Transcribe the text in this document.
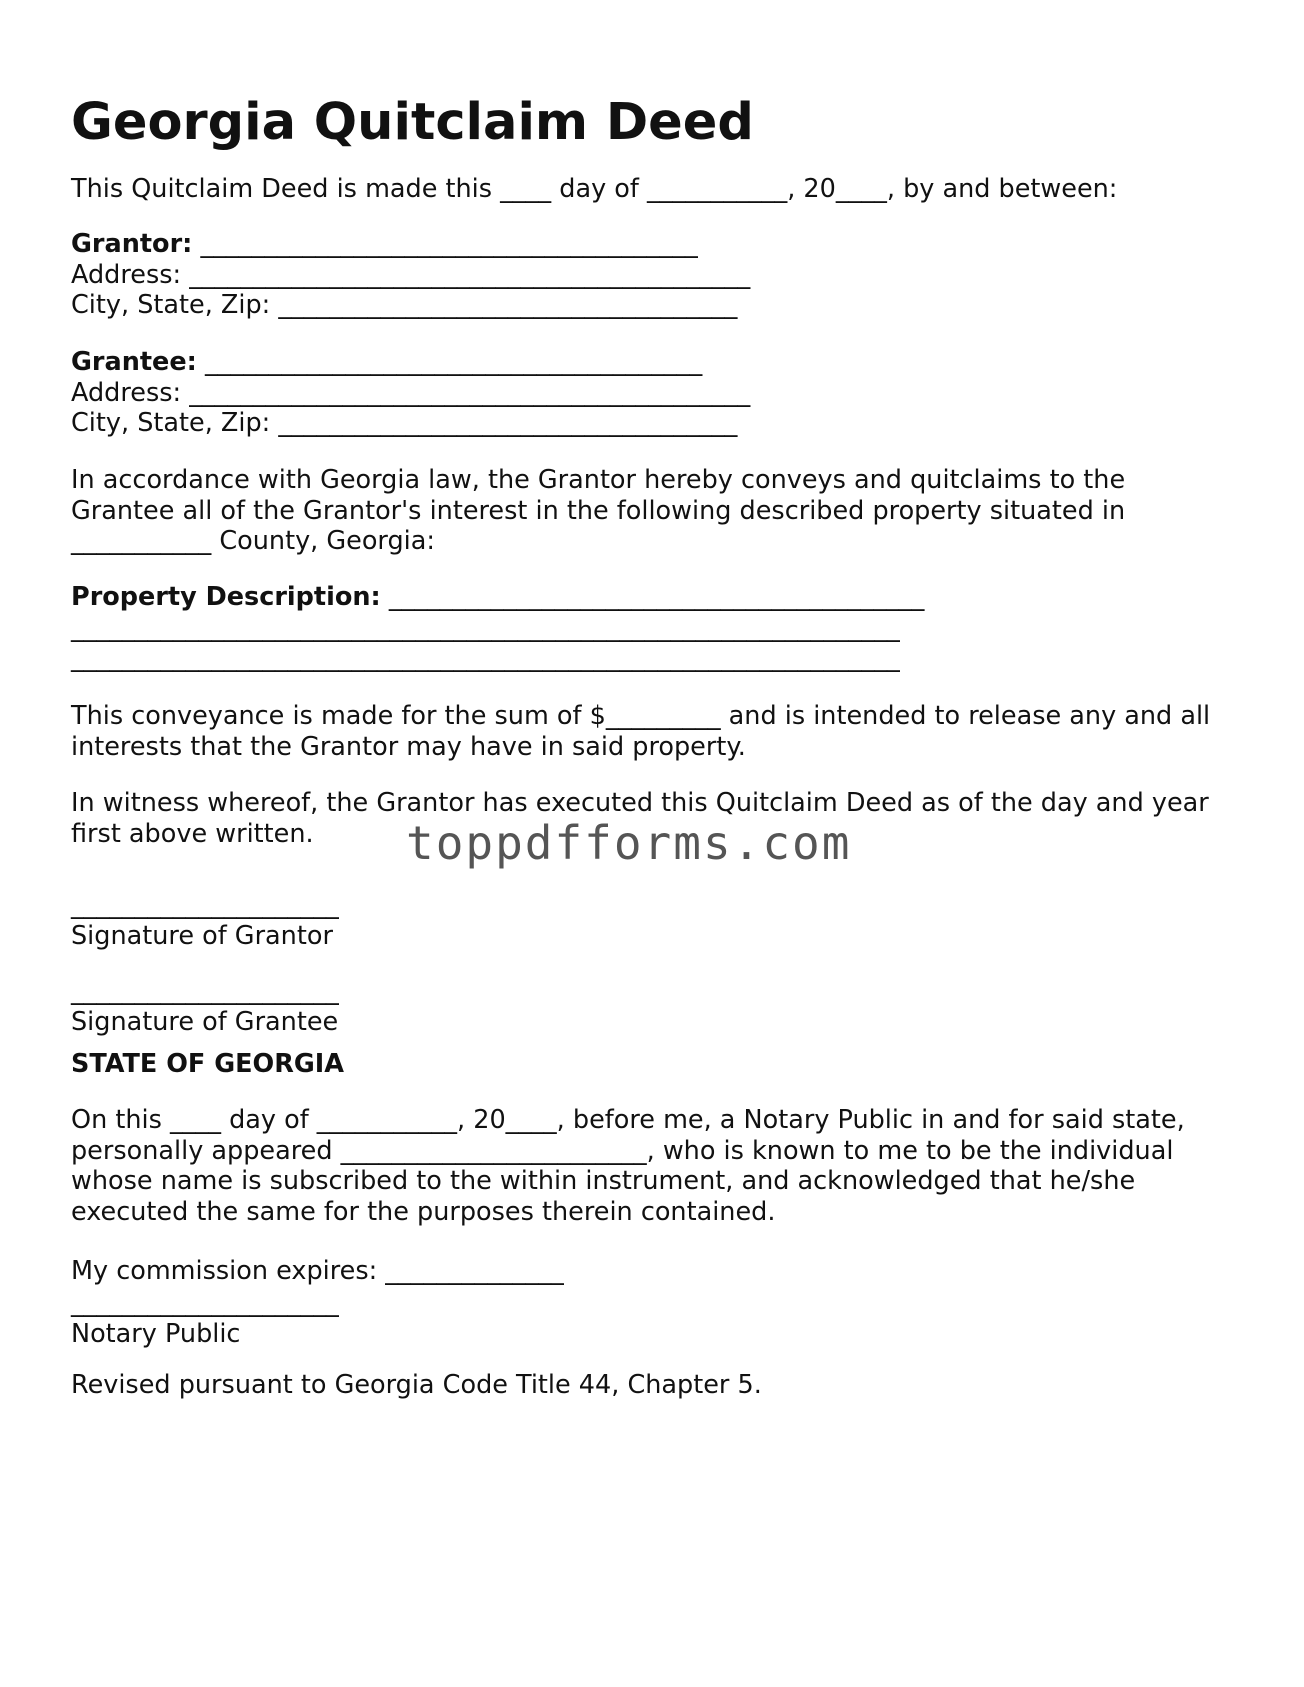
Georgia Quitclaim Deed
This Quitclaim Deed is made this ____ day of ___________, 20____, by and between:
Grantor: _______________________________________
Address: ____________________________________________
City, State, Zip: ____________________________________
Grantee: _______________________________________
Address: ____________________________________________
City, State, Zip: ____________________________________
In accordance with Georgia law, the Grantor hereby conveys and quitclaims to the
Grantee all of the Grantor's interest in the following described property situated in
___________ County, Georgia:
Property Description: __________________________________________
_________________________________________________________________
_________________________________________________________________
This conveyance is made for the sum of $_________ and is intended to release any and all
interests that the Grantor may have in said property.
In witness whereof, the Grantor has executed this Quitclaim Deed as of the day and year
first above written.
_____________________
Signature of Grantor
_____________________
Signature of Grantee
STATE OF GEORGIA
On this ____ day of ___________, 20____, before me, a Notary Public in and for said state,
personally appeared ________________________, who is known to me to be the individual
whose name is subscribed to the within instrument, and acknowledged that he/she
executed the same for the purposes therein contained.
My commission expires: ______________
_____________________
Notary Public
Revised pursuant to Georgia Code Title 44, Chapter 5.
toppdfforms.com
